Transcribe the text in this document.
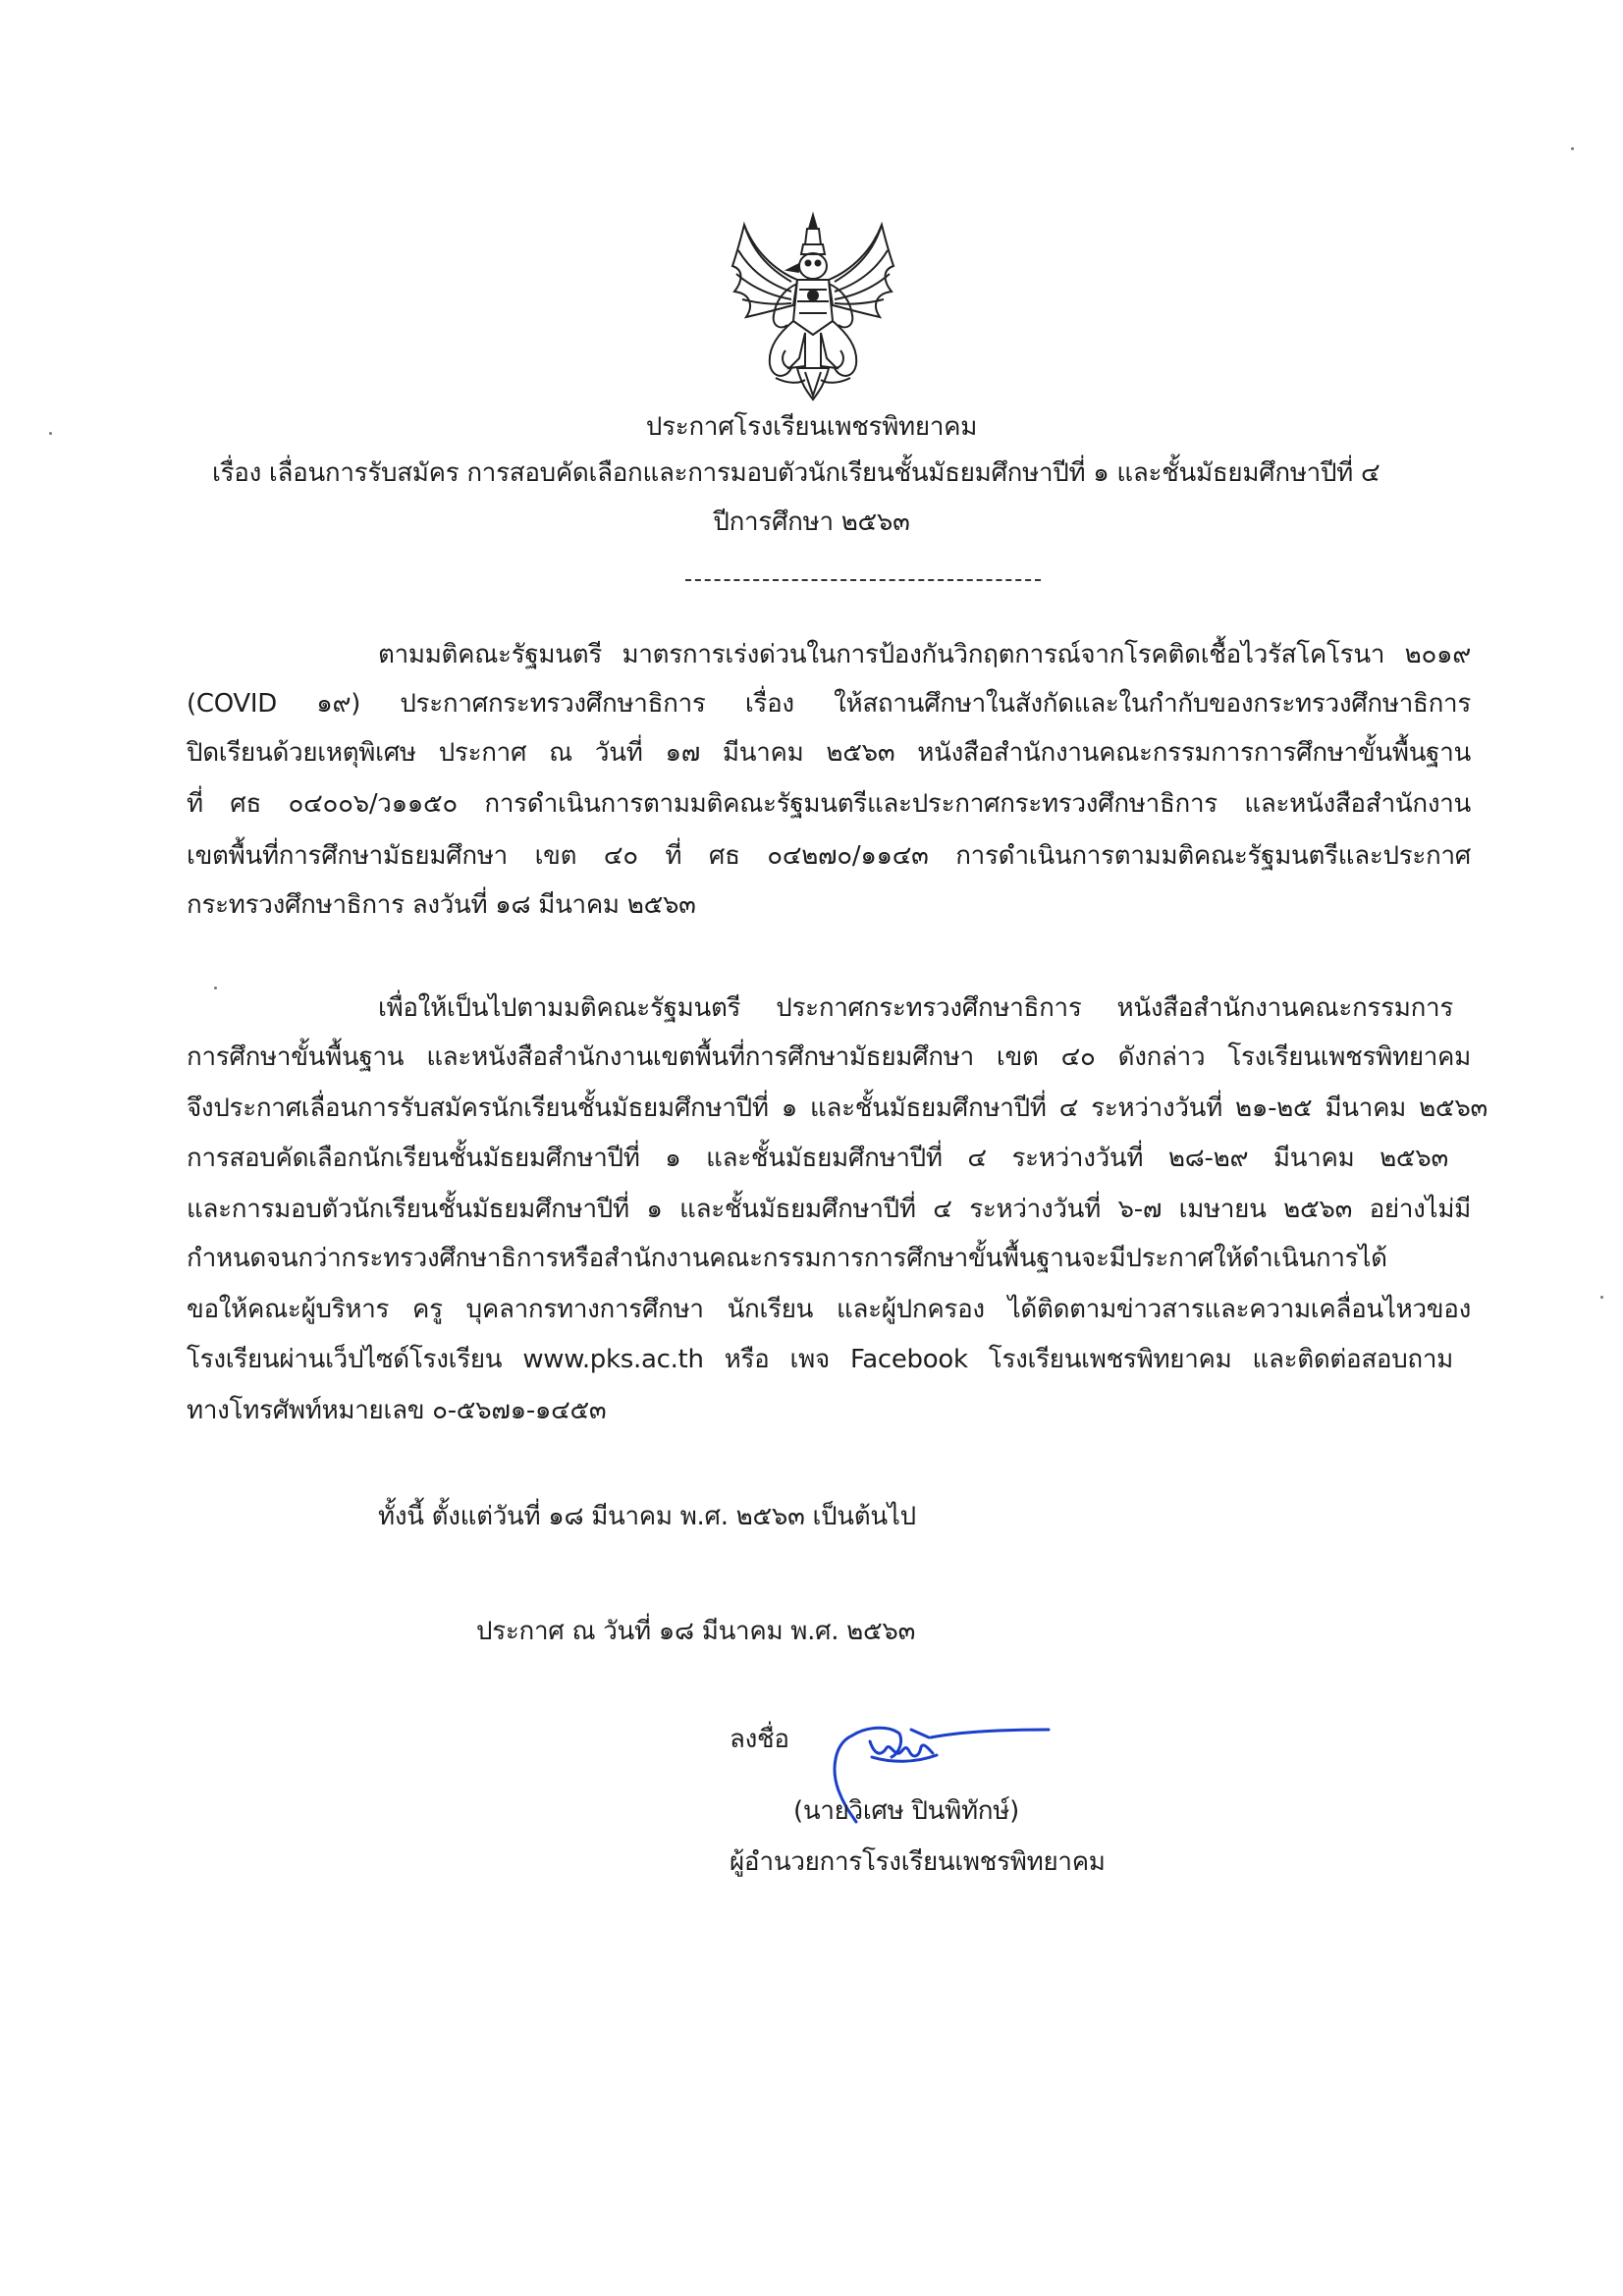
ประกาศโรงเรียนเพชรพิทยาคม
เรื่อง เลื่อนการรับสมัคร การสอบคัดเลือกและการมอบตัวนักเรียนชั้นมัธยมศึกษาปีที่ ๑ และชั้นมัธยมศึกษาปีที่ ๔
ปีการศึกษา ๒๕๖๓
ตามมติคณะรัฐมนตรี มาตรการเร่งด่วนในการป้องกันวิกฤตการณ์จากโรคติดเชื้อไวรัสโคโรนา ๒๐๑๙
(COVID ๑๙) ประกาศกระทรวงศึกษาธิการ เรื่อง ให้สถานศึกษาในสังกัดและในกำกับของกระทรวงศึกษาธิการ
ปิดเรียนด้วยเหตุพิเศษ ประกาศ ณ วันที่ ๑๗ มีนาคม ๒๕๖๓ หนังสือสำนักงานคณะกรรมการการศึกษาขั้นพื้นฐาน
ที่ ศธ ๐๔๐๐๖/ว๑๑๕๐ การดำเนินการตามมติคณะรัฐมนตรีและประกาศกระทรวงศึกษาธิการ และหนังสือสำนักงาน
เขตพื้นที่การศึกษามัธยมศึกษา เขต ๔๐ ที่ ศธ ๐๔๒๗๐/๑๑๔๓ การดำเนินการตามมติคณะรัฐมนตรีและประกาศ
กระทรวงศึกษาธิการ ลงวันที่ ๑๘ มีนาคม ๒๕๖๓
เพื่อให้เป็นไปตามมติคณะรัฐมนตรี ประกาศกระทรวงศึกษาธิการ หนังสือสำนักงานคณะกรรมการ
การศึกษาขั้นพื้นฐาน และหนังสือสำนักงานเขตพื้นที่การศึกษามัธยมศึกษา เขต ๔๐ ดังกล่าว โรงเรียนเพชรพิทยาคม
จึงประกาศเลื่อนการรับสมัครนักเรียนชั้นมัธยมศึกษาปีที่ ๑ และชั้นมัธยมศึกษาปีที่ ๔ ระหว่างวันที่ ๒๑-๒๕ มีนาคม ๒๕๖๓
การสอบคัดเลือกนักเรียนชั้นมัธยมศึกษาปีที่ ๑ และชั้นมัธยมศึกษาปีที่ ๔ ระหว่างวันที่ ๒๘-๒๙ มีนาคม ๒๕๖๓
และการมอบตัวนักเรียนชั้นมัธยมศึกษาปีที่ ๑ และชั้นมัธยมศึกษาปีที่ ๔ ระหว่างวันที่ ๖-๗ เมษายน ๒๕๖๓ อย่างไม่มี
กำหนดจนกว่ากระทรวงศึกษาธิการหรือสำนักงานคณะกรรมการการศึกษาขั้นพื้นฐานจะมีประกาศให้ดำเนินการได้
ขอให้คณะผู้บริหาร ครู บุคลากรทางการศึกษา นักเรียน และผู้ปกครอง ได้ติดตามข่าวสารและความเคลื่อนไหวของ
โรงเรียนผ่านเว็ปไซด์โรงเรียน www.pks.ac.th หรือ เพจ Facebook โรงเรียนเพชรพิทยาคม และติดต่อสอบถาม
ทางโทรศัพท์หมายเลข ๐-๕๖๗๑-๑๔๕๓
ทั้งนี้ ตั้งแต่วันที่ ๑๘ มีนาคม พ.ศ. ๒๕๖๓ เป็นต้นไป
ประกาศ ณ วันที่ ๑๘ มีนาคม พ.ศ. ๒๕๖๓
ลงชื่อ
(นายวิเศษ ปินพิทักษ์)
ผู้อำนวยการโรงเรียนเพชรพิทยาคม
